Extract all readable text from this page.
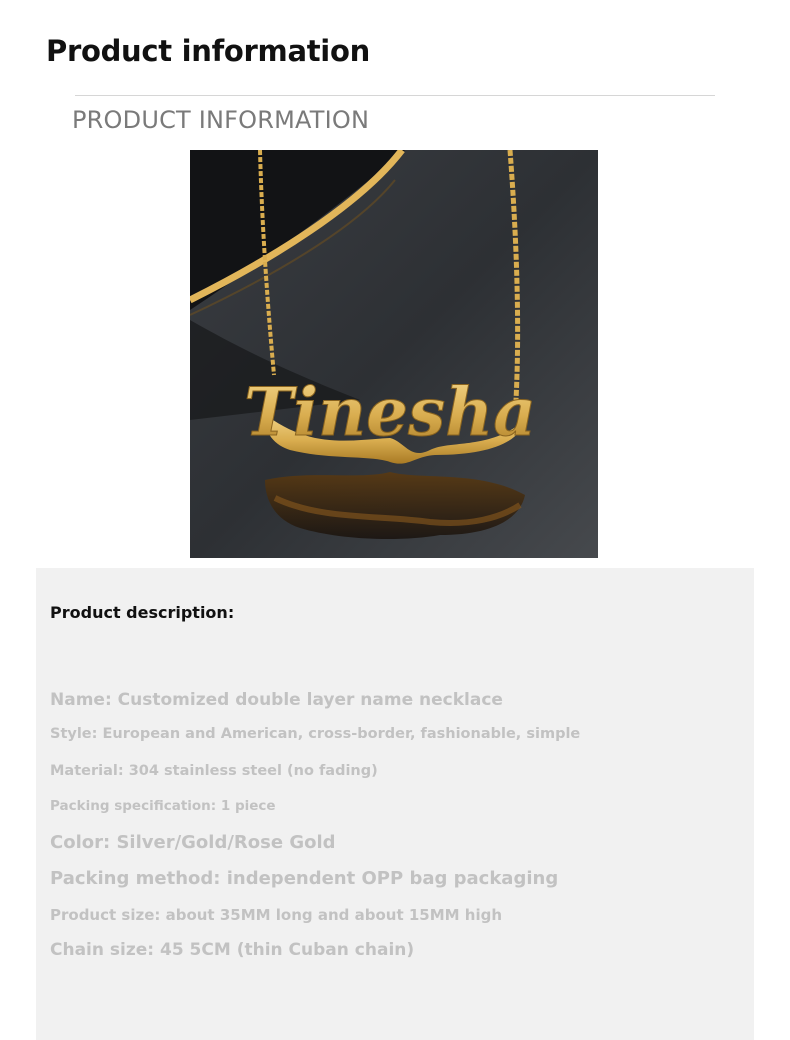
Product information
PRODUCT INFORMATION
Tinesha
Product description:
Name: Customized double layer name necklace
Style: European and American, cross-border, fashionable, simple
Material: 304 stainless steel (no fading)
Packing specification: 1 piece
Color: Silver/Gold/Rose Gold
Packing method: independent OPP bag packaging
Product size: about 35MM long and about 15MM high
Chain size: 45 5CM (thin Cuban chain)
